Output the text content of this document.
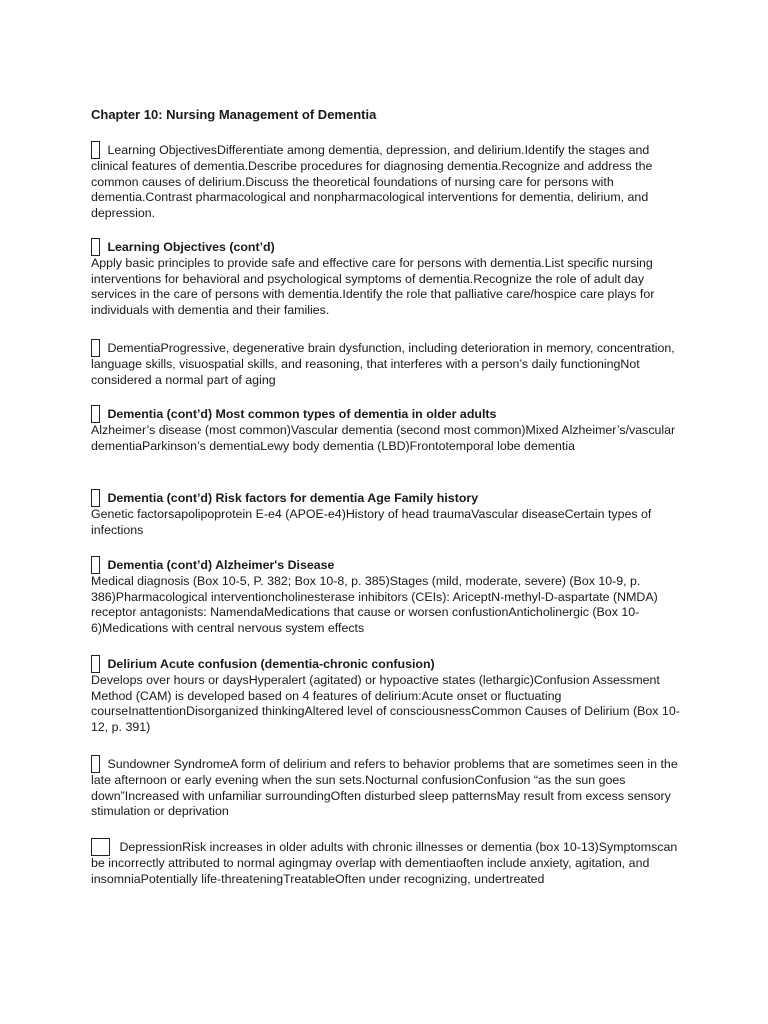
Chapter 10: Nursing Management of Dementia
Learning ObjectivesDifferentiate among dementia, depression, and delirium.Identify the stages and clinical features of dementia.Describe procedures for diagnosing dementia.Recognize and address the common causes of delirium.Discuss the theoretical foundations of nursing care for persons with dementia.Contrast pharmacological and nonpharmacological interventions for dementia, delirium, and depression.
Learning Objectives (cont’d)
Apply basic principles to provide safe and effective care for persons with dementia.List specific nursing interventions for behavioral and psychological symptoms of dementia.Recognize the role of adult day services in the care of persons with dementia.Identify the role that palliative care/hospice care plays for individuals with dementia and their families.
DementiaProgressive, degenerative brain dysfunction, including deterioration in memory, concentration, language skills, visuospatial skills, and reasoning, that interferes with a person’s daily functioningNot considered a normal part of aging
Dementia (cont’d) Most common types of dementia in older adults
Alzheimer’s disease (most common)Vascular dementia (second most common)Mixed Alzheimer’s/vascular dementiaParkinson’s dementiaLewy body dementia (LBD)Frontotemporal lobe dementia
Dementia (cont’d) Risk factors for dementia Age Family history
Genetic factorsapolipoprotein E-e4 (APOE-e4)History of head traumaVascular diseaseCertain types of infections
Dementia (cont’d) Alzheimer's Disease
Medical diagnosis (Box 10-5, P. 382; Box 10-8, p. 385)Stages (mild, moderate, severe) (Box 10-9, p. 386)Pharmacological interventioncholinesterase inhibitors (CEIs): AriceptN-methyl-D-aspartate (NMDA) receptor antagonists: NamendaMedications that cause or worsen confustionAnticholinergic (Box 10-6)Medications with central nervous system effects
Delirium Acute confusion (dementia-chronic confusion)
Develops over hours or daysHyperalert (agitated) or hypoactive states (lethargic)Confusion Assessment Method (CAM) is developed based on 4 features of delirium:Acute onset or fluctuating courseInattentionDisorganized thinkingAltered level of consciousnessCommon Causes of Delirium (Box 10-12, p. 391)
Sundowner SyndromeA form of delirium and refers to behavior problems that are sometimes seen in the late afternoon or early evening when the sun sets.Nocturnal confusionConfusion “as the sun goes down”Increased with unfamiliar surroundingOften disturbed sleep patternsMay result from excess sensory stimulation or deprivation
DepressionRisk increases in older adults with chronic illnesses or dementia (box 10-13)Symptomscan be incorrectly attributed to normal agingmay overlap with dementiaoften include anxiety, agitation, and insomniaPotentially life-threateningTreatableOften under recognizing, undertreated
